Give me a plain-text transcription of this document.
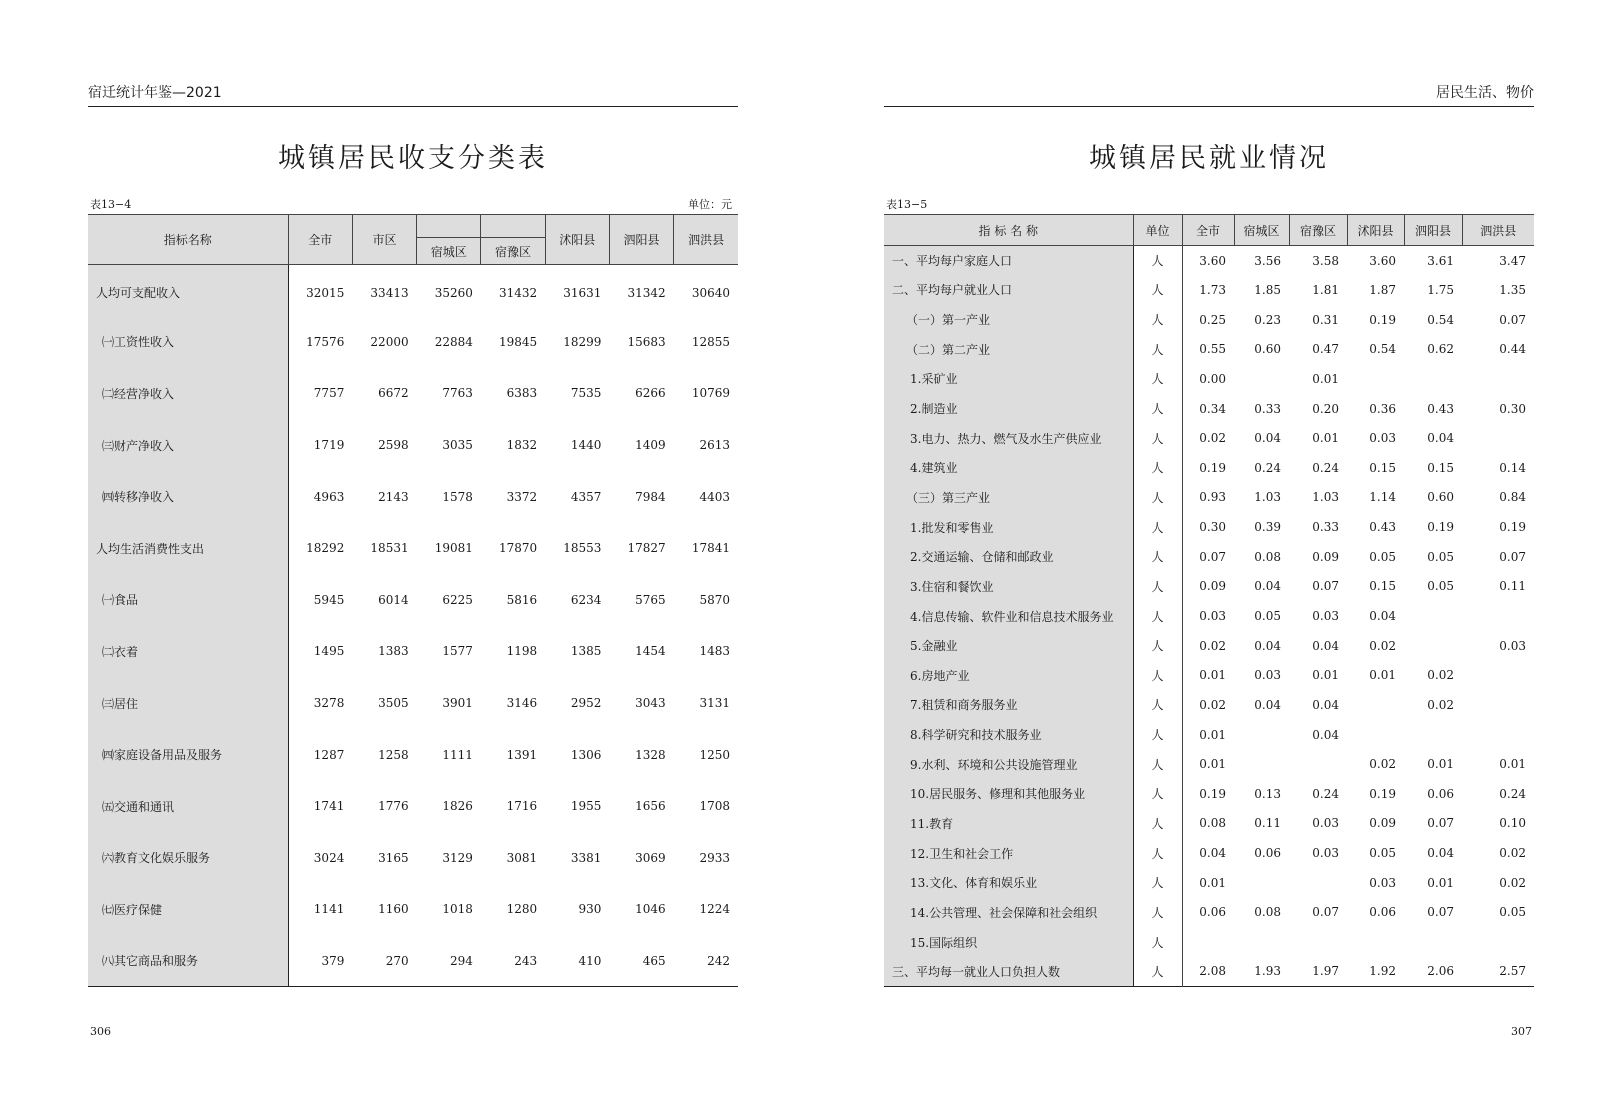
宿迁统计年鉴—2021
城镇居民收支分类表
表13−4	单位：元
指标名称	全市	市区			沭阳县	泗阳县	泗洪县
			宿城区	宿豫区			
人均可支配收入	32015	33413	35260	31432	31631	31342	30640
㈠工资性收入	17576	22000	22884	19845	18299	15683	12855
㈡经营净收入	7757	6672	7763	6383	7535	6266	10769
㈢财产净收入	1719	2598	3035	1832	1440	1409	2613
㈣转移净收入	4963	2143	1578	3372	4357	7984	4403
人均生活消费性支出	18292	18531	19081	17870	18553	17827	17841
㈠食品	5945	6014	6225	5816	6234	5765	5870
㈡衣着	1495	1383	1577	1198	1385	1454	1483
㈢居住	3278	3505	3901	3146	2952	3043	3131
㈣家庭设备用品及服务	1287	1258	1111	1391	1306	1328	1250
㈤交通和通讯	1741	1776	1826	1716	1955	1656	1708
㈥教育文化娱乐服务	3024	3165	3129	3081	3381	3069	2933
㈦医疗保健	1141	1160	1018	1280	930	1046	1224
㈧其它商品和服务	379	270	294	243	410	465	242
306
居民生活、物价
城镇居民就业情况
表13−5
指 标 名 称	单位	全市	宿城区	宿豫区	沭阳县	泗阳县	泗洪县
一、平均每户家庭人口	人	3.60	3.56	3.58	3.60	3.61	3.47
二、平均每户就业人口	人	1.73	1.85	1.81	1.87	1.75	1.35
（一）第一产业	人	0.25	0.23	0.31	0.19	0.54	0.07
（二）第二产业	人	0.55	0.60	0.47	0.54	0.62	0.44
1.采矿业	人	0.00		0.01			
2.制造业	人	0.34	0.33	0.20	0.36	0.43	0.30
3.电力、热力、燃气及水生产供应业	人	0.02	0.04	0.01	0.03	0.04	
4.建筑业	人	0.19	0.24	0.24	0.15	0.15	0.14
（三）第三产业	人	0.93	1.03	1.03	1.14	0.60	0.84
1.批发和零售业	人	0.30	0.39	0.33	0.43	0.19	0.19
2.交通运输、仓储和邮政业	人	0.07	0.08	0.09	0.05	0.05	0.07
3.住宿和餐饮业	人	0.09	0.04	0.07	0.15	0.05	0.11
4.信息传输、软件业和信息技术服务业	人	0.03	0.05	0.03	0.04		
5.金融业	人	0.02	0.04	0.04	0.02		0.03
6.房地产业	人	0.01	0.03	0.01	0.01	0.02	
7.租赁和商务服务业	人	0.02	0.04	0.04		0.02	
8.科学研究和技术服务业	人	0.01		0.04			
9.水利、环境和公共设施管理业	人	0.01			0.02	0.01	0.01
10.居民服务、修理和其他服务业	人	0.19	0.13	0.24	0.19	0.06	0.24
11.教育	人	0.08	0.11	0.03	0.09	0.07	0.10
12.卫生和社会工作	人	0.04	0.06	0.03	0.05	0.04	0.02
13.文化、体育和娱乐业	人	0.01			0.03	0.01	0.02
14.公共管理、社会保障和社会组织	人	0.06	0.08	0.07	0.06	0.07	0.05
15.国际组织	人						
三、平均每一就业人口负担人数	人	2.08	1.93	1.97	1.92	2.06	2.57
307
